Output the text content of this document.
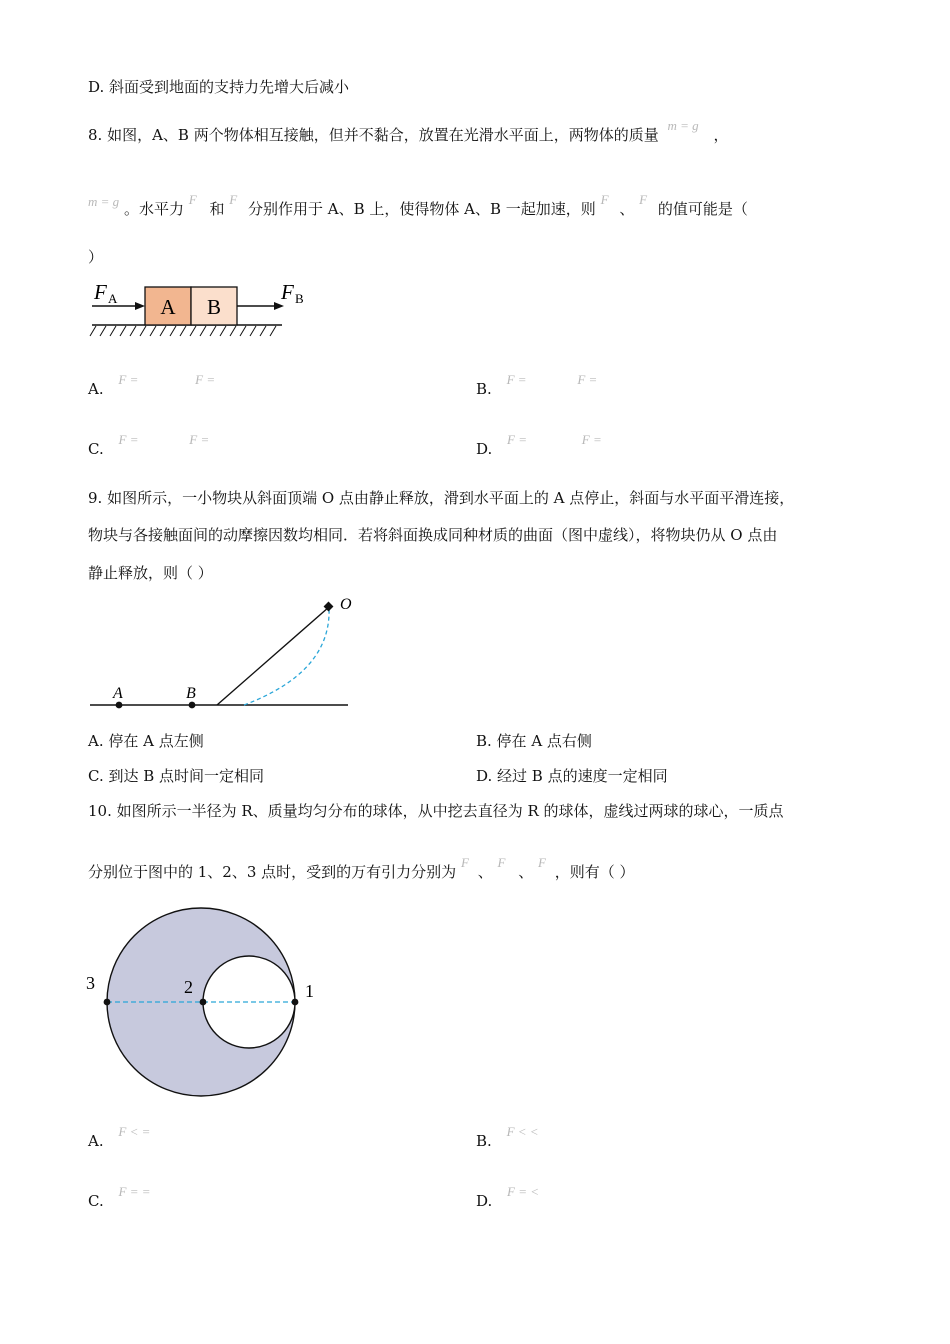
D. 斜面受到地面的支持力先增大后减小
8. 如图，A、B 两个物体相互接触，但并不黏合，放置在光滑水平面上，两物体的质量 m = g ，
m = g 。水平力 F 和 F 分别作用于 A、B 上，使得物体 A、B 一起加速，则 F 、 F 的值可能是（
）
A B
F A	F B
A. F =	F =
B. F =	F =
C. F =	F =
D. F =	F =
9. 如图所示，一小物块从斜面顶端 O 点由静止释放，滑到水平面上的 A 点停止，斜面与水平面平滑连接，
物块与各接触面间的动摩擦因数均相同．若将斜面换成同种材质的曲面（图中虚线），将物块仍从 O 点由
静止释放，则（ ）
O
A	B
A. 停在 A 点左侧	B. 停在 A 点右侧
C. 到达 B 点时间一定相同	D. 经过 B 点的速度一定相同
10. 如图所示一半径为 R、质量均匀分布的球体，从中挖去直径为 R 的球体，虚线过两球的球心，一质点
分别位于图中的 1、2、3 点时，受到的万有引力分别为 F 、 F 、 F ，则有（ ）
3	2	1
A. F < =
B. F < <
C. F = =
D. F = <
